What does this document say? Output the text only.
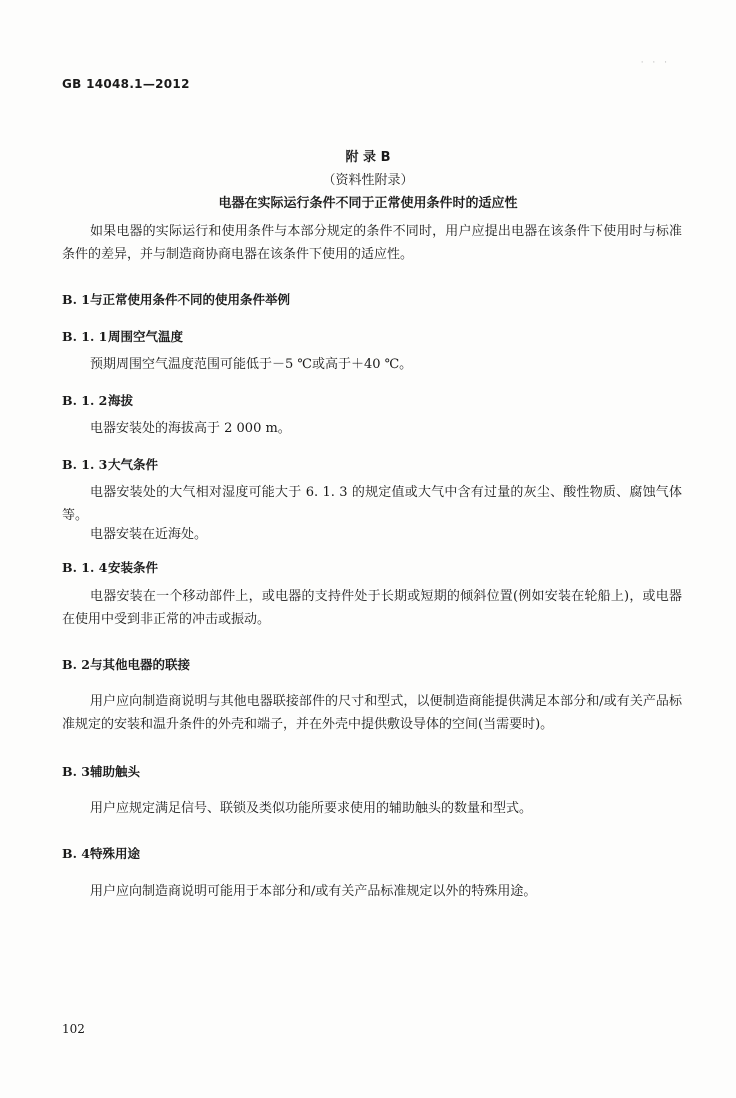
· · ·
GB 14048.1—2012
附 录 B
（资料性附录）
电器在实际运行条件不同于正常使用条件时的适应性

如果电器的实际运行和使用条件与本部分规定的条件不同时，用户应提出电器在该条件下使用时与标准条件的差异，并与制造商协商电器在该条件下使用的适应性。

B. 1与正常使用条件不同的使用条件举例
B. 1. 1周围空气温度

预期周围空气温度范围可能低于－5 ℃或高于＋40 ℃。

B. 1. 2海拔

电器安装处的海拔高于 2 000 m。

B. 1. 3大气条件

电器安装处的大气相对湿度可能大于 6. 1. 3 的规定值或大气中含有过量的灰尘、酸性物质、腐蚀气体等。

电器安装在近海处。

B. 1. 4安装条件

电器安装在一个移动部件上，或电器的支持件处于长期或短期的倾斜位置(例如安装在轮船上)，或电器在使用中受到非正常的冲击或振动。

B. 2与其他电器的联接

用户应向制造商说明与其他电器联接部件的尺寸和型式，以便制造商能提供满足本部分和/或有关产品标准规定的安装和温升条件的外壳和端子，并在外壳中提供敷设导体的空间(当需要时)。

B. 3辅助触头

用户应规定满足信号、联锁及类似功能所要求使用的辅助触头的数量和型式。

B. 4特殊用途

用户应向制造商说明可能用于本部分和/或有关产品标准规定以外的特殊用途。

102
